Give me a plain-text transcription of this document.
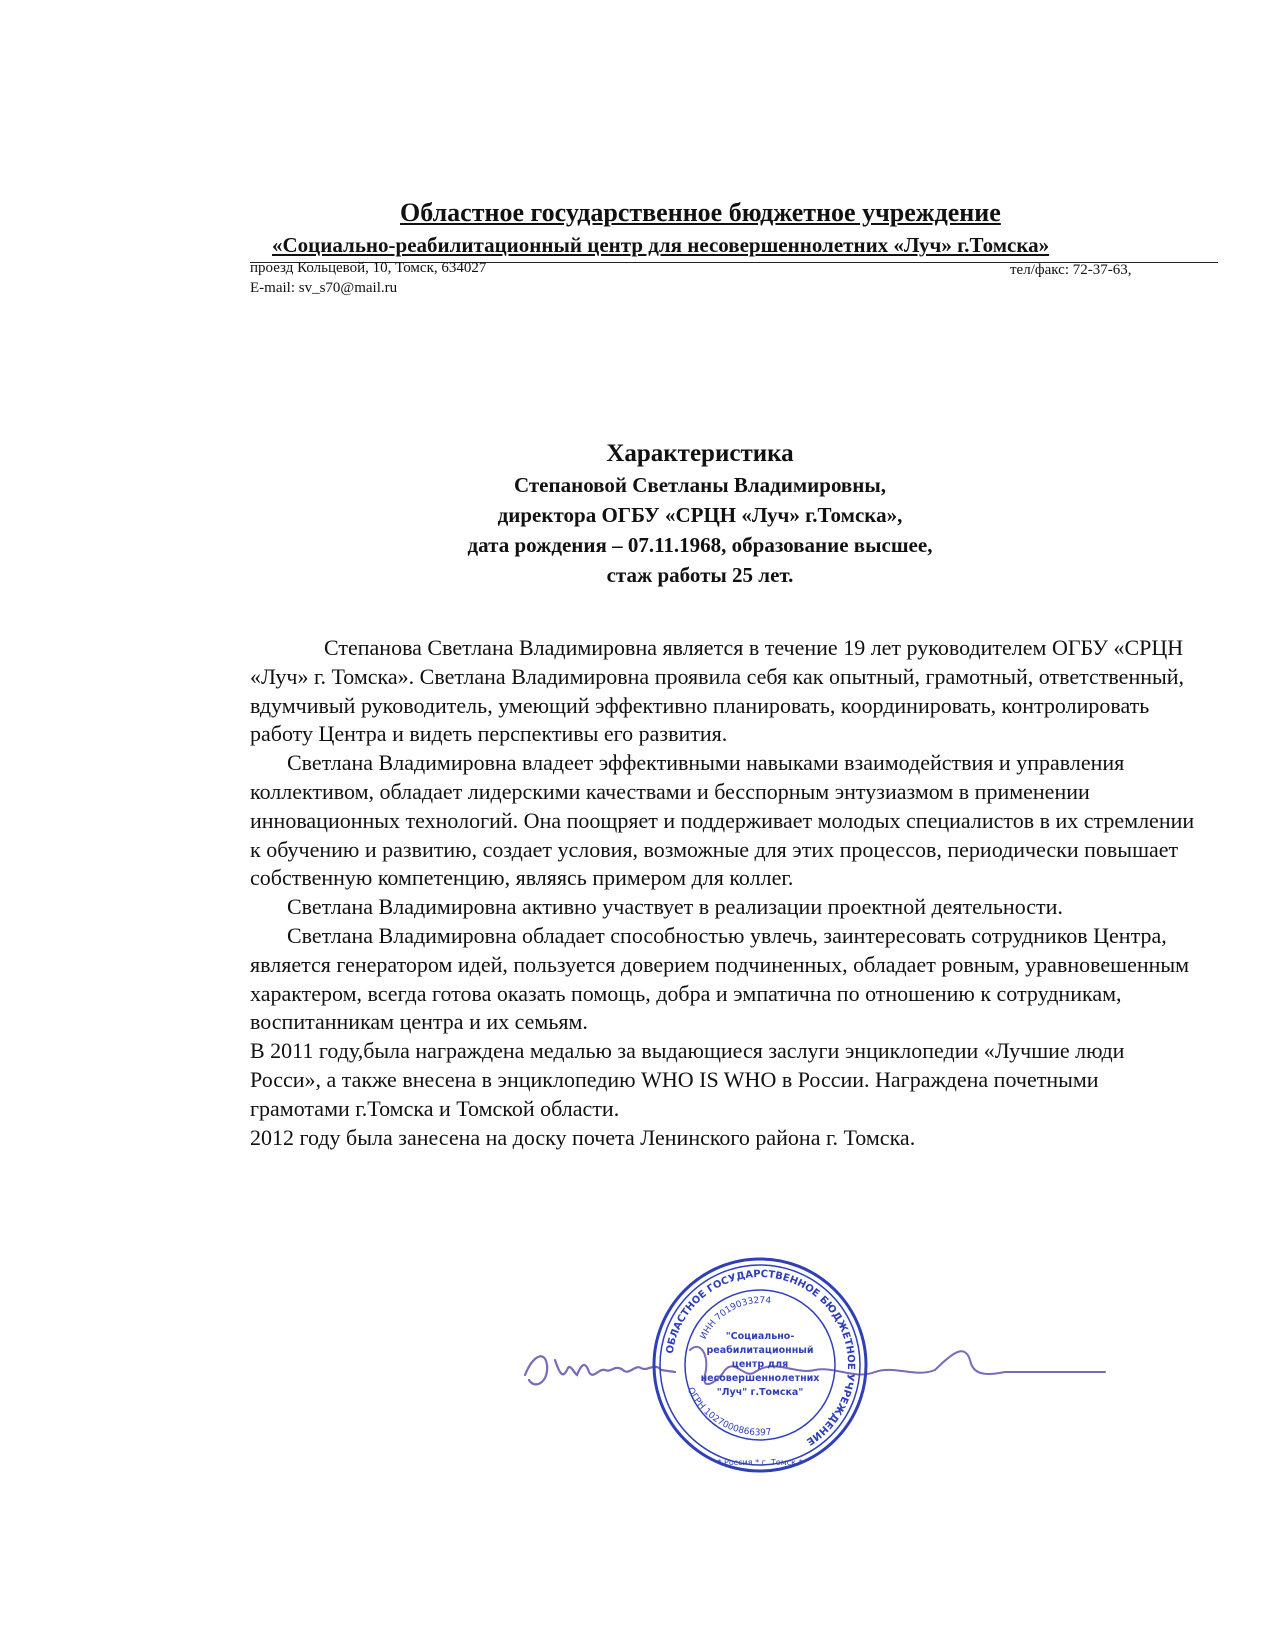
Областное государственное бюджетное учреждение
«Социально-реабилитационный центр для несовершеннолетних «Луч» г.Томска»
проезд Кольцевой, 10, Томск, 634027	тел/факс: 72-37-63,
E-mail: sv_s70@mail.ru
Характеристика
Степановой Светланы Владимировны,
директора ОГБУ «СРЦН «Луч» г.Томска»,
дата рождения – 07.11.1968, образование высшее,
стаж работы 25 лет.

Степанова Светлана Владимировна является в течение 19 лет руководителем ОГБУ «СРЦН «Луч» г. Томска». Светлана Владимировна проявила себя как опытный, грамотный, ответственный, вдумчивый руководитель, умеющий эффективно планировать, координировать, контролировать работу Центра и видеть перспективы его развития.

Светлана Владимировна владеет эффективными навыками взаимодействия и управления коллективом, обладает лидерскими качествами и бесспорным энтузиазмом в применении инновационных технологий. Она поощряет и поддерживает молодых специалистов в их стремлении к обучению и развитию, создает условия, возможные для этих процессов, периодически повышает собственную компетенцию, являясь примером для коллег.

Светлана Владимировна активно участвует в реализации проектной деятельности.

Светлана Владимировна обладает способностью увлечь, заинтересовать сотрудников Центра, является генератором идей, пользуется доверием подчиненных, обладает ровным, уравновешенным характером, всегда готова оказать помощь, добра и эмпатична по отношению к сотрудникам, воспитанникам центра и их семьям.

В 2011 году,была награждена медалью за выдающиеся заслуги энциклопедии «Лучшие люди Росси», а также внесена в энциклопедию WHO IS WHO в России. Награждена почетными грамотами г.Томска и Томской области.

2012 году была занесена на доску почета Ленинского района г. Томска.

ОБЛАСТНОЕ ГОСУДАРСТВЕННОЕ БЮДЖЕТНОЕ УЧРЕЖДЕНИЕ
ИНН 7019033274
ОГРН 1027000866397
* Россия * г. Томск *
"Социально-
реабилитационный
центр для
несовершеннолетних
"Луч" г.Томска"
